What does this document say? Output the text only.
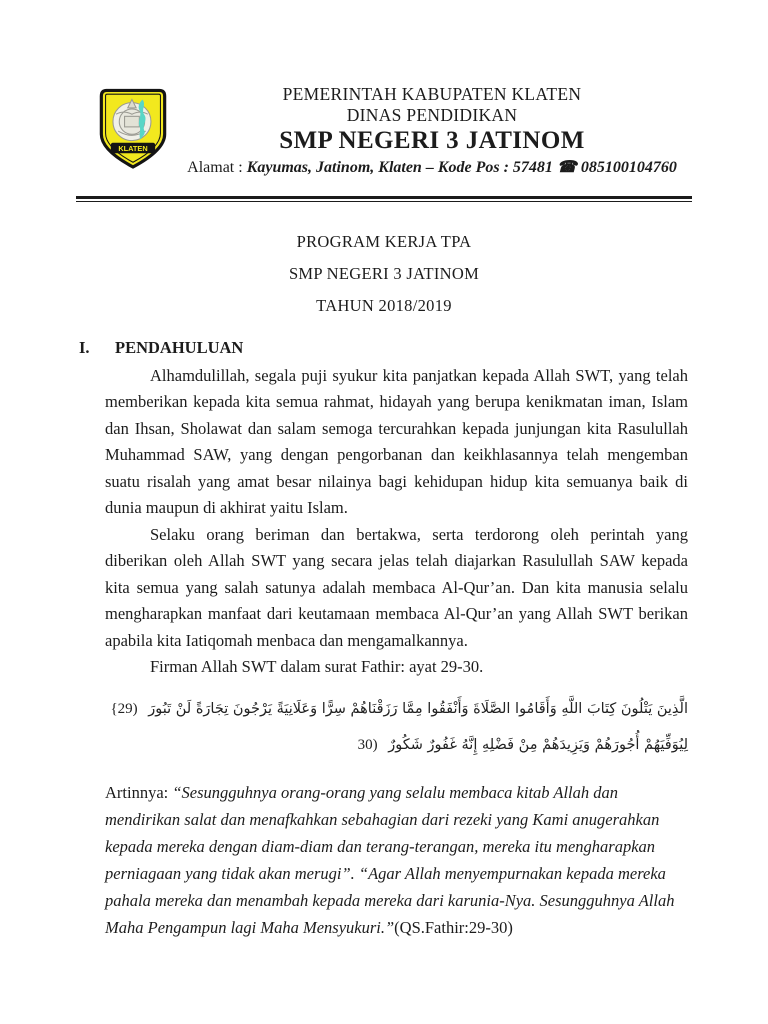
KLATEN
PEMERINTAH KABUPATEN KLATEN
DINAS PENDIDIKAN
SMP NEGERI 3 JATINOM
Alamat : Kayumas, Jatinom, Klaten – Kode Pos : 57481 ☎ 085100104760

PROGRAM KERJA TPA

SMP NEGERI 3 JATINOM

TAHUN 2018/2019

I. PENDAHULUAN

Alhamdulillah, segala puji syukur kita panjatkan kepada Allah SWT, yang telah memberikan kepada kita semua rahmat, hidayah yang berupa kenikmatan iman, Islam dan Ihsan, Sholawat dan salam semoga tercurahkan kepada junjungan kita Rasulullah Muhammad SAW, yang dengan pengorbanan dan keikhlasannya telah mengemban suatu risalah yang amat besar nilainya bagi kehidupan hidup kita semuanya baik di dunia maupun di akhirat yaitu Islam.

Selaku orang beriman dan bertakwa, serta terdorong oleh perintah yang diberikan oleh Allah SWT yang secara jelas telah diajarkan Rasulullah SAW kepada kita semua yang salah satunya adalah membaca Al-Qur’an. Dan kita manusia selalu mengharapkan manfaat dari keutamaan membaca Al-Qur’an yang Allah SWT berikan apabila kita Iatiqomah menbaca dan mengamalkannya.

Firman Allah SWT dalam surat Fathir: ayat 29-30.

الَّذِينَ يَتْلُونَ كِتَابَ اللَّهِ وَأَقَامُوا الصَّلَاةَ وَأَنْفَقُوا مِمَّا رَزَقْنَاهُمْ سِرًّا وَعَلَانِيَةً يَرْجُونَ تِجَارَةً لَنْ تَبُورَ {29)
لِيُوَفِّيَهُمْ أُجُورَهُمْ وَيَزِيدَهُمْ مِنْ فَضْلِهِ إِنَّهُ غَفُورٌ شَكُورٌ 30)

Artinnya: “Sesungguhnya orang-orang yang selalu membaca kitab Allah dan mendirikan salat dan menafkahkan sebahagian dari rezeki yang Kami anugerahkan kepada mereka dengan diam-diam dan terang-terangan, mereka itu mengharapkan perniagaan yang tidak akan merugi”. “Agar Allah menyempurnakan kepada mereka pahala mereka dan menambah kepada mereka dari karunia-Nya. Sesungguhnya Allah Maha Pengampun lagi Maha Mensyukuri.”(QS.Fathir:29-30)
